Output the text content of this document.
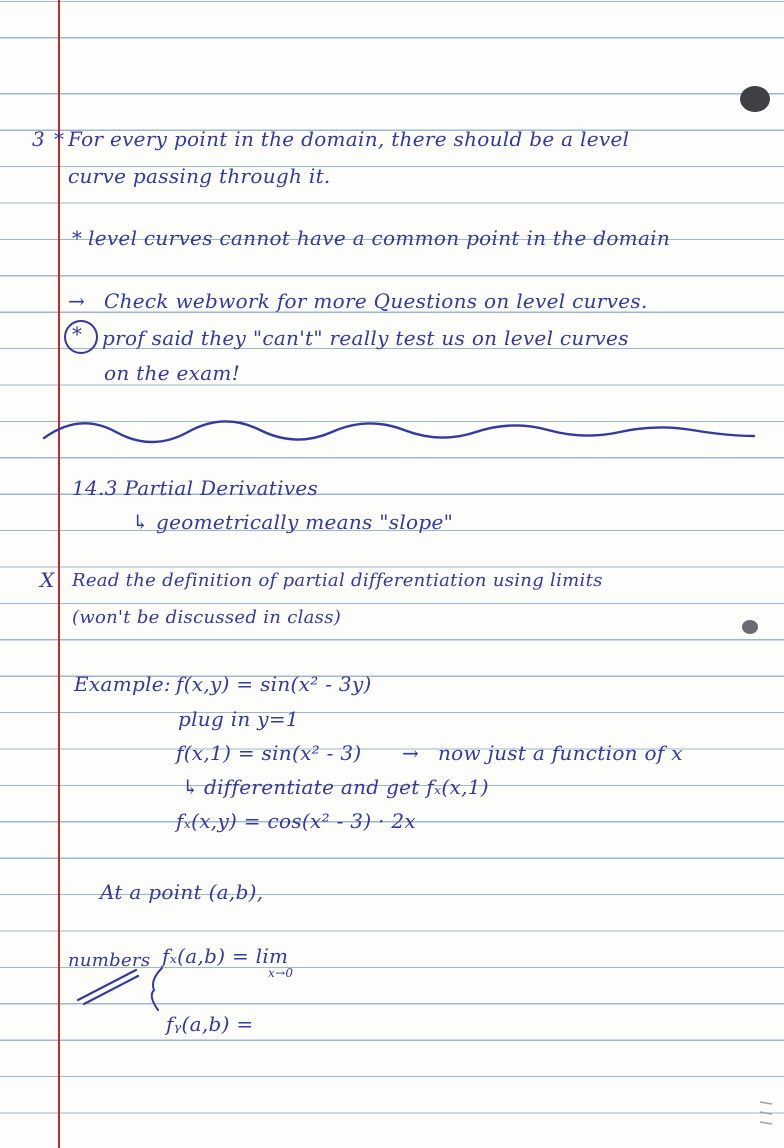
3 * For every point in the domain, there should be a level
curve passing through it.
* level curves cannot have a common point in the domain
→ Check webwork for more Questions on level curves.
* prof said they "can't" really test us on level curves
on the exam!
14.3 Partial Derivatives
↳ geometrically means "slope"
X Read the definition of partial differentiation using limits
(won't be discussed in class)
Example: f(x,y) = sin(x² - 3y)
plug in y=1
f(x,1) = sin(x² - 3) → now just a function of x
↳ differentiate and get fₓ(x,1)
fₓ(x,y) = cos(x² - 3) · 2x
At a point (a,b),
numbers fₓ(a,b) = lim
x→0
fᵧ(a,b) =
